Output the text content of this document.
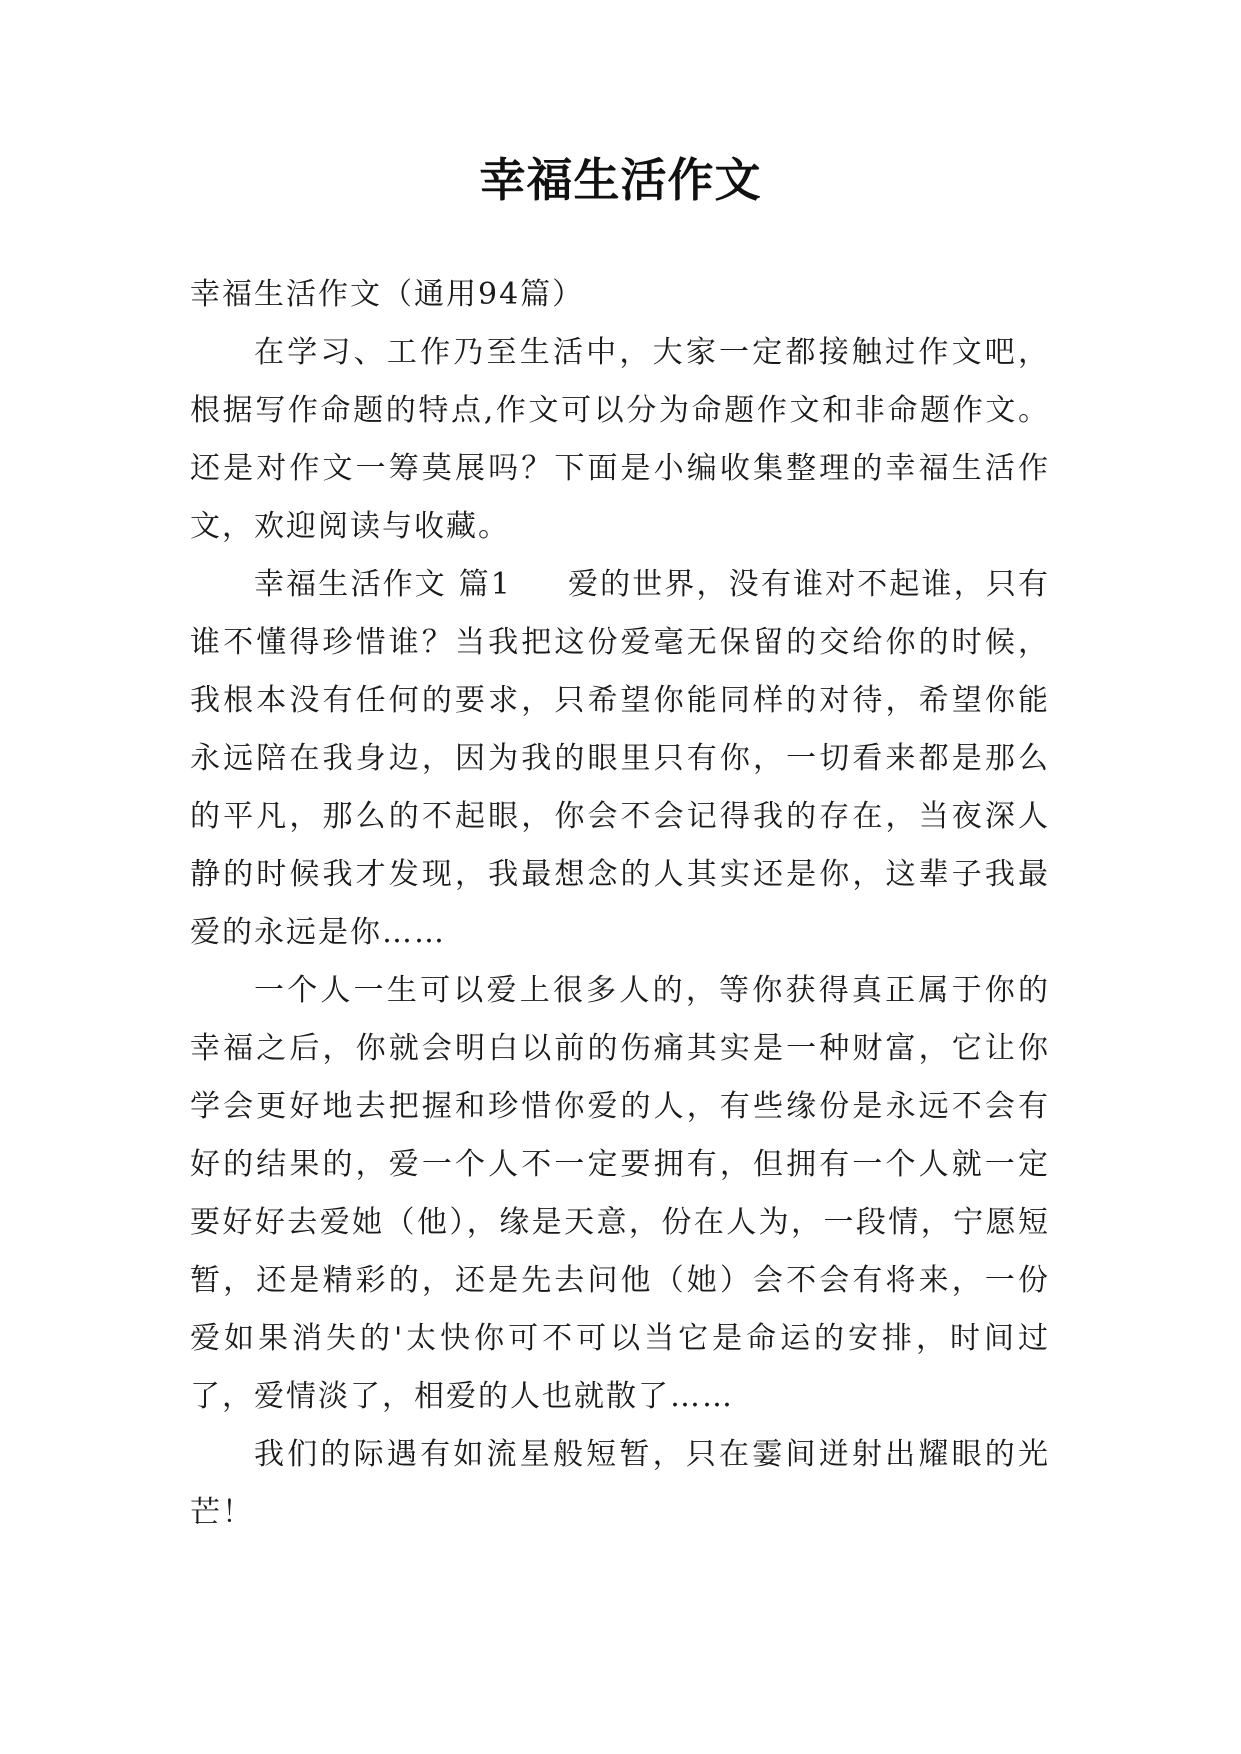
幸福生活作文

幸福生活作文（通用94篇）

在学习、工作乃至生活中，大家一定都接触过作文吧，根据写作命题的特点,作文可以分为命题作文和非命题作文。还是对作文一筹莫展吗？下面是小编收集整理的幸福生活作文，欢迎阅读与收藏。

幸福生活作文 篇1 爱的世界，没有谁对不起谁，只有谁不懂得珍惜谁？当我把这份爱毫无保留的交给你的时候，我根本没有任何的要求，只希望你能同样的对待，希望你能永远陪在我身边，因为我的眼里只有你，一切看来都是那么的平凡，那么的不起眼，你会不会记得我的存在，当夜深人静的时候我才发现，我最想念的人其实还是你，这辈子我最爱的永远是你……

一个人一生可以爱上很多人的，等你获得真正属于你的幸福之后，你就会明白以前的伤痛其实是一种财富，它让你学会更好地去把握和珍惜你爱的人，有些缘份是永远不会有好的结果的，爱一个人不一定要拥有，但拥有一个人就一定要好好去爱她（他），缘是天意，份在人为，一段情，宁愿短暂，还是精彩的，还是先去问他（她）会不会有将来，一份爱如果消失的'太快你可不可以当它是命运的安排，时间过了，爱情淡了，相爱的人也就散了……

我们的际遇有如流星般短暂，只在霎间迸射出耀眼的光芒！
